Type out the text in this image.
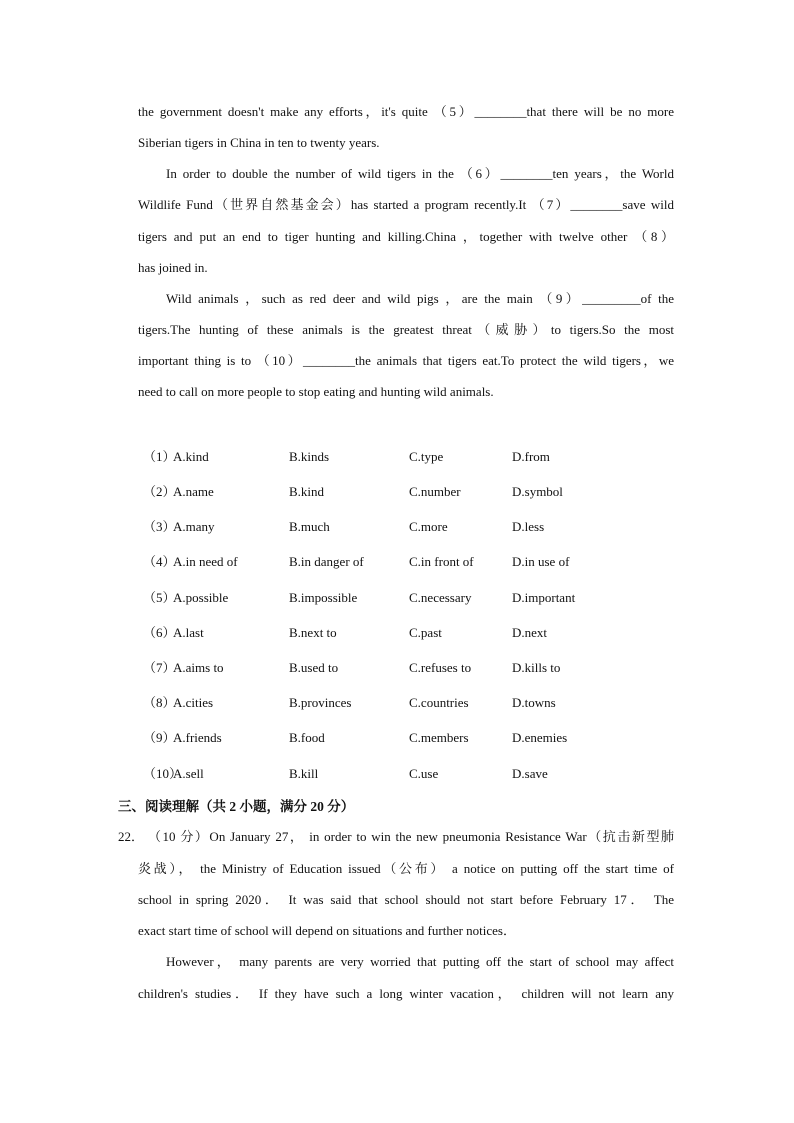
the government doesn't make any efforts，it's quite （5）________that there will be no more
Siberian tigers in China in ten to twenty years.
In order to double the number of wild tigers in the （6）________ten years，the World
Wildlife Fund（世界自然基金会）has started a program recently.It （7）________save wild
tigers and put an end to tiger hunting and killing.China ，together with twelve other （8）
has joined in.
Wild animals ，such as red deer and wild pigs ，are the main （9）_________of the
tigers.The hunting of these animals is the greatest threat（威胁）to tigers.So the most
important thing is to （10）________the animals that tigers eat.To protect the wild tigers，we
need to call on more people to stop eating and hunting wild animals.
（1）
A.kind	B.kinds	C.type	D.from
（2）
A.name	B.kind	C.number	D.symbol
（3）
A.many	B.much	C.more	D.less
（4）
A.in need of	B.in danger of	C.in front of	D.in use of
（5）
A.possible	B.impossible	C.necessary	D.important
（6）
A.last	B.next to	C.past	D.next
（7）
A.aims to	B.used to	C.refuses to	D.kills to
（8）
A.cities	B.provinces	C.countries	D.towns
（9）
A.friends	B.food	C.members	D.enemies
（10）
A.sell	B.kill	C.use	D.save
三、阅读理解（共 2 小题，满分 20 分）
22． （10 分）On January 27， in order to win the new pneumonia Resistance War（抗击新型肺
炎战）， the Ministry of Education issued（公布） a notice on putting off the start time of
school in spring 2020． It was said that school should not start before February 17． The
exact start time of school will depend on situations and further notices．
However， many parents are very worried that putting off the start of school may affect
children's studies． If they have such a long winter vacation， children will not learn any
